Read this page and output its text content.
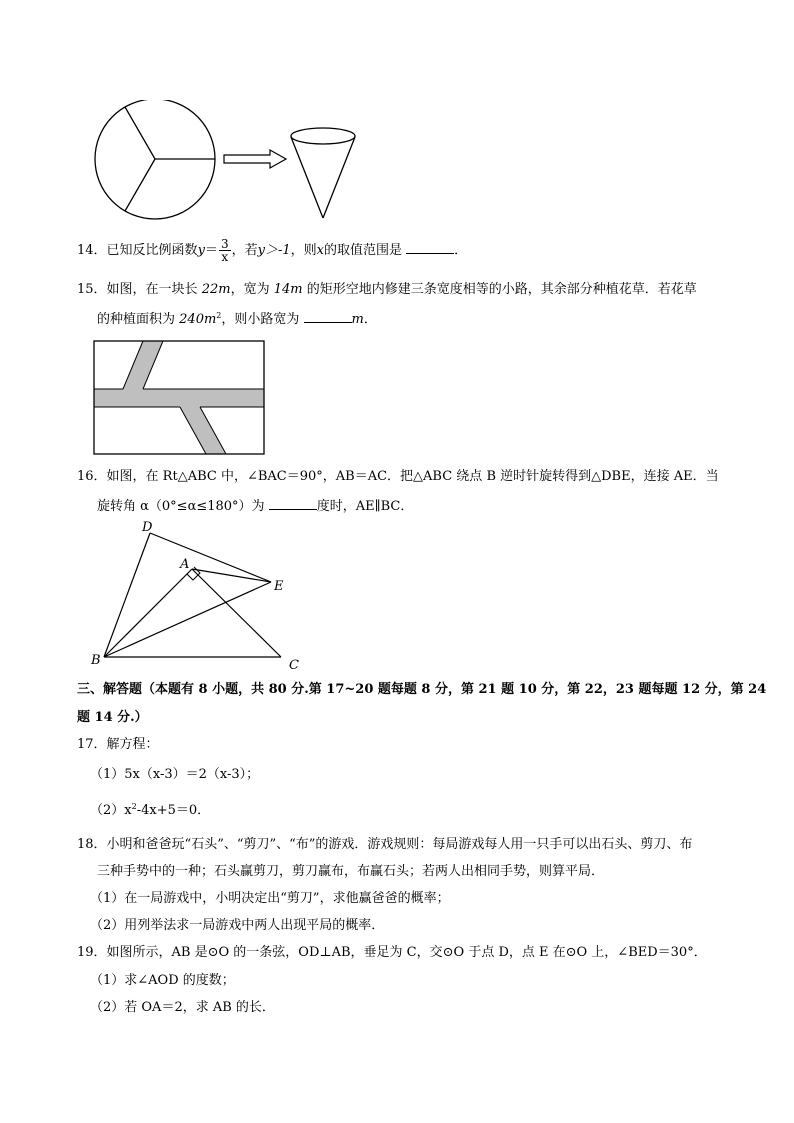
14．已知反比例函数$y= \frac{3}{x}$ ，若y＞-1，则x的取值范围是	．
15．如图，在一块长 22m，宽为 14m 的矩形空地内修建三条宽度相等的小路，其余部分种植花草．若花草
的种植面积为 $240m^2$，则小路宽为	m．
16．如图，在 Rt△ABC 中，∠BAC＝90°，AB＝AC．把△ABC 绕点 B 逆时针旋转得到△DBE，连接 AE．当
旋转角 α（0°≤α≤180°）为	度时，AE∥BC．
D
A
E
B	C
三、解答题（本题有 8 小题，共 80 分.第 17~20 题每题 8 分，第 21 题 10 分，第 22，23 题每题 12 分，第 24
题 14 分.）
17．解方程：
（1）5x（x-3）＝2（x-3）；
$(2)x^2-4x+5=0$．
18．小明和爸爸玩“石头”、“剪刀”、“布”的游戏．游戏规则：每局游戏每人用一只手可以出石头、剪刀、布
三种手势中的一种；石头赢剪刀，剪刀赢布，布赢石头；若两人出相同手势，则算平局．
（1）在一局游戏中，小明决定出“剪刀”，求他赢爸爸的概率；
（2）用列举法求一局游戏中两人出现平局的概率．
19．如图所示，AB 是⊙O 的一条弦，OD⊥AB，垂足为 C，交⊙O 于点 D，点 E 在⊙O 上，∠BED＝30°．
（1）求∠AOD 的度数；
（2）若 OA＝2，求 AB 的长．
